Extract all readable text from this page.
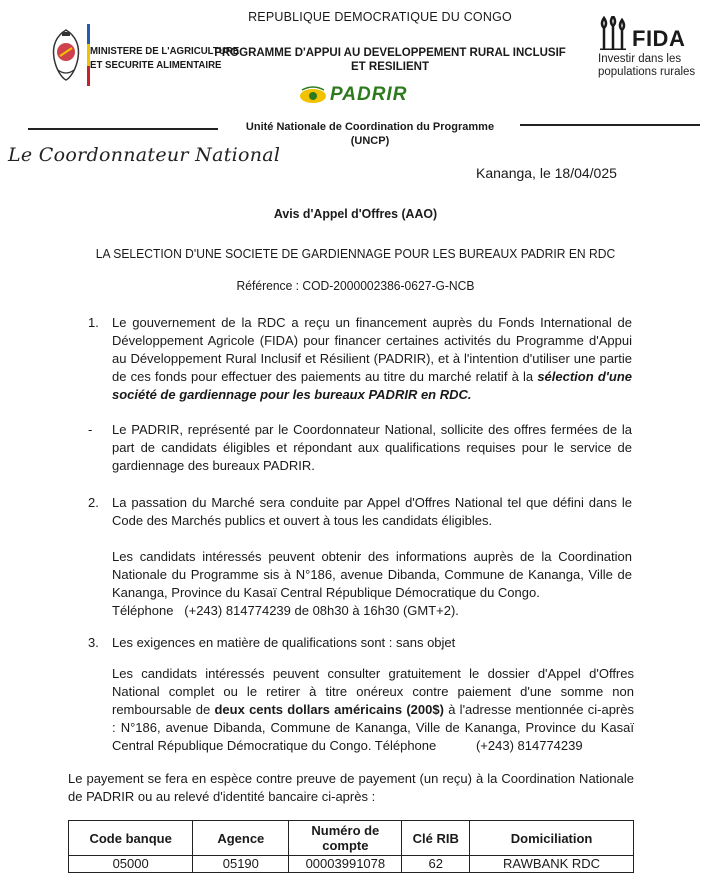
REPUBLIQUE DEMOCRATIQUE DU CONGO
MINISTERE DE L'AGRICULTURE
ET SECURITE ALIMENTAIRE
PROGRAMME D'APPUI AU DEVELOPPEMENT RURAL INCLUSIF
ET RESILIENT
PADRIR
FIDA
Investir dans les
populations rurales
Unité Nationale de Coordination du Programme
(UNCP)
Le Coordonnateur National
Kananga, le 18/04/025
Avis d'Appel d'Offres (AAO)
LA SELECTION D'UNE SOCIETE DE GARDIENNAGE POUR LES BUREAUX PADRIR EN RDC
Référence : COD-2000002386-0627-G-NCB
1. Le gouvernement de la RDC a reçu un financement auprès du Fonds International de Développement Agricole (FIDA) pour financer certaines activités du Programme d'Appui au Développement Rural Inclusif et Résilient (PADRIR), et à l'intention d'utiliser une partie de ces fonds pour effectuer des paiements au titre du marché relatif à la sélection d'une société de gardiennage pour les bureaux PADRIR en RDC.
- Le PADRIR, représenté par le Coordonnateur National, sollicite des offres fermées de la part de candidats éligibles et répondant aux qualifications requises pour le service de gardiennage des bureaux PADRIR.
2. La passation du Marché sera conduite par Appel d'Offres National tel que défini dans le Code des Marchés publics et ouvert à tous les candidats éligibles.
Les candidats intéressés peuvent obtenir des informations auprès de la Coordination Nationale du Programme sis à N°186, avenue Dibanda, Commune de Kananga, Ville de Kananga, Province du Kasaï Central République Démocratique du Congo.
Téléphone   (+243) 814774239 de 08h30 à 16h30 (GMT+2).
3. Les exigences en matière de qualifications sont : sans objet
Les candidats intéressés peuvent consulter gratuitement le dossier d'Appel d'Offres National complet ou le retirer à titre onéreux contre paiement d'une somme non remboursable de deux cents dollars américains (200$) à l'adresse mentionnée ci-après : N°186, avenue Dibanda, Commune de Kananga, Ville de Kananga, Province du Kasaï Central République Démocratique du Congo. Téléphone           (+243) 814774239
Le payement se fera en espèce contre preuve de payement (un reçu) à la Coordination Nationale de PADRIR ou au relevé d'identité bancaire ci-après :
Code banque	Agence	Numéro de compte	Clé RIB	Domiciliation
05000	05190	00003991078	62	RAWBANK RDC
